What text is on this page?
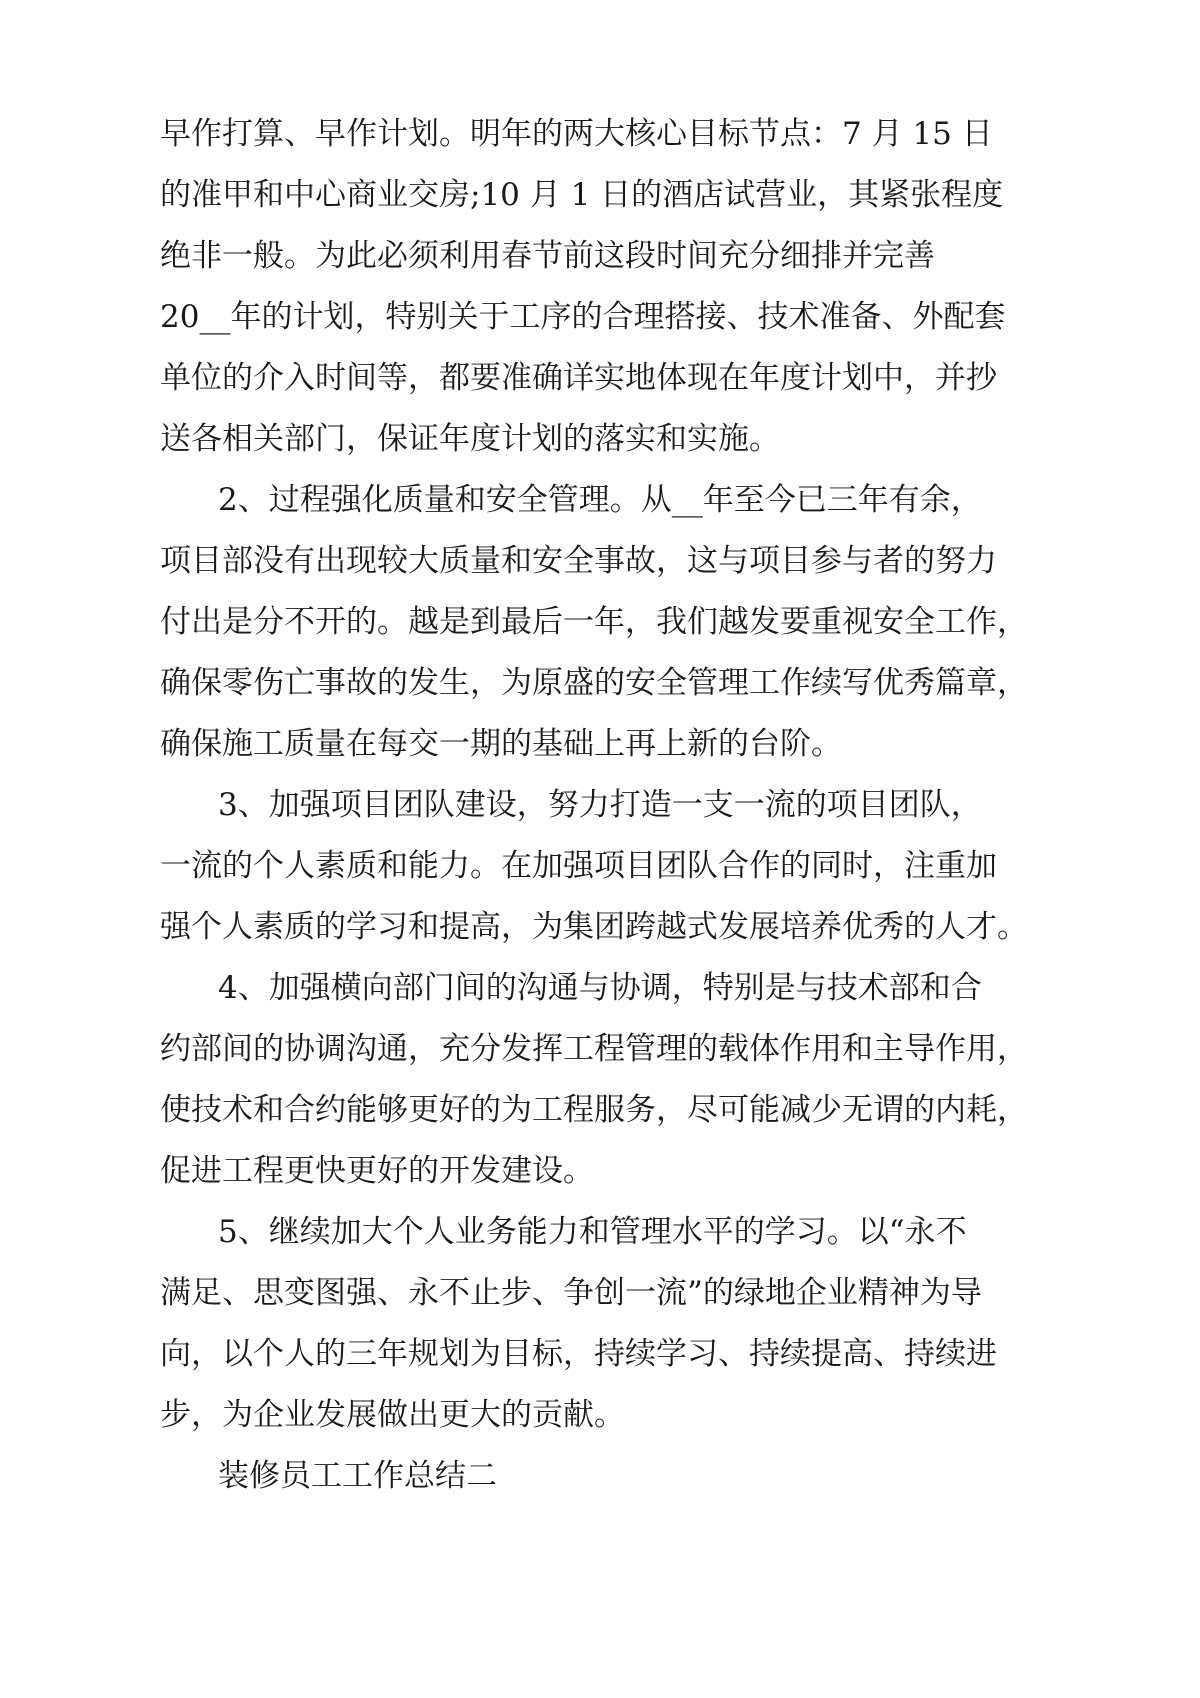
早作打算、早作计划。明年的两大核心目标节点：7 月 15 日
的准甲和中心商业交房;10 月 1 日的酒店试营业，其紧张程度
绝非一般。为此必须利用春节前这段时间充分细排并完善
20__年的计划，特别关于工序的合理搭接、技术准备、外配套
单位的介入时间等，都要准确详实地体现在年度计划中，并抄
送各相关部门，保证年度计划的落实和实施。
2、过程强化质量和安全管理。从__年至今已三年有余，
项目部没有出现较大质量和安全事故，这与项目参与者的努力
付出是分不开的。越是到最后一年，我们越发要重视安全工作，
确保零伤亡事故的发生，为原盛的安全管理工作续写优秀篇章，
确保施工质量在每交一期的基础上再上新的台阶。
3、加强项目团队建设，努力打造一支一流的项目团队，
一流的个人素质和能力。在加强项目团队合作的同时，注重加
强个人素质的学习和提高，为集团跨越式发展培养优秀的人才。
4、加强横向部门间的沟通与协调，特别是与技术部和合
约部间的协调沟通，充分发挥工程管理的载体作用和主导作用，
使技术和合约能够更好的为工程服务，尽可能减少无谓的内耗，
促进工程更快更好的开发建设。
5、继续加大个人业务能力和管理水平的学习。以“永不
满足、思变图强、永不止步、争创一流”的绿地企业精神为导
向，以个人的三年规划为目标，持续学习、持续提高、持续进
步，为企业发展做出更大的贡献。
装修员工工作总结二
